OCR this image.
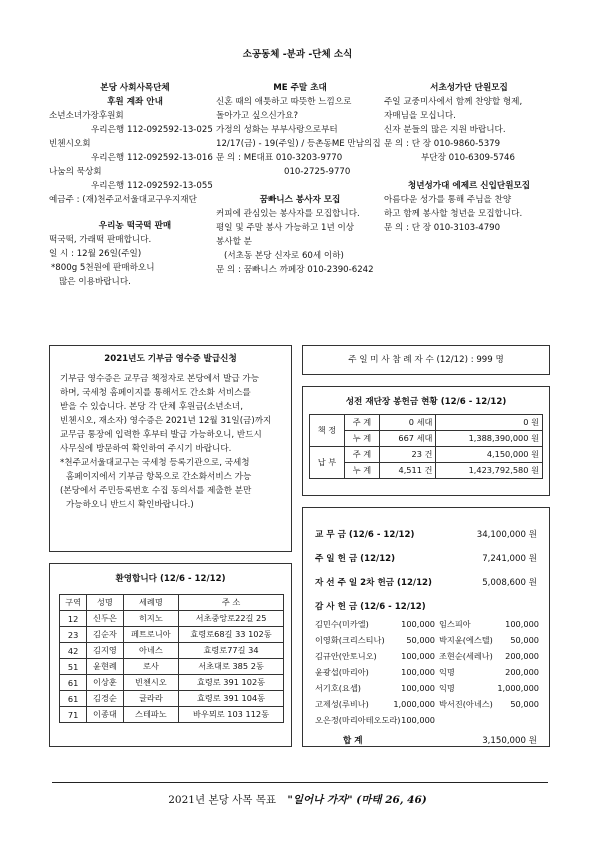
소공동체 -분과 -단체 소식
본당 사회사목단체
후원 계좌 안내
소년소녀가장후원회
우리은행 112-092592-13-025
빈첸시오회
우리은행 112-092592-13-016
나눔의 묵상회
우리은행 112-092592-13-055
예금주 : (재)천주교서울대교구우지재단
우리농 떡국떡 판매
떡국떡, 가래떡 판매합니다.
일 시 : 12월 26일(주일)
*800g 5천원에 판매하오니
많은 이용바랍니다.
ME 주말 초대
신혼 때의 애틋하고 따뜻한 느낌으로
돌아가고 싶으신가요?
가정의 성화는 부부사랑으로부터
12/17(금) - 19(주일) / 등촌동ME 만남의집
문 의 : ME대표 010-3203-9770
010-2725-9770
꿈빠니스 봉사자 모집
커피에 관심있는 봉사자를 모집합니다.
평일 및 주말 봉사 가능하고 1년 이상
봉사할 분
(서초동 본당 신자로 60세 이하)
문 의 : 꿈빠니스 까페장 010-2390-6242
서초성가단 단원모집
주일 교중미사에서 함께 찬양할 형제,
자매님을 모십니다.
신자 분들의 많은 지원 바랍니다.
문 의 : 단 장 010-9860-5379
부단장 010-6309-5746
청년성가대 에제르 신입단원모집
아름다운 성가를 통해 주님을 찬양
하고 함께 봉사할 청년을 모집합니다.
문 의 : 단 장 010-3103-4790
2021년도 기부금 영수증 발급신청
기부금 영수증은 교무금 책정자로 본당에서 발급 가능
하며, 국세청 홈페이지를 통해서도 간소화 서비스를
받을 수 있습니다. 본당 각 단체 후원금(소년소녀,
빈첸시오, 재소자) 영수증은 2021년 12월 31일(금)까지
교무금 통장에 입력한 후부터 발급 가능하오니, 반드시
사무실에 방문하여 확인하여 주시기 바랍니다.
*천주교서울대교구는 국세청 등록기관으로, 국세청
홈페이지에서 기부금 항목으로 간소화서비스 가능
(본당에서 주민등록번호 수집 동의서를 제출한 분만
가능하오니 반드시 확인바랍니다.)
환영합니다 (12/6 - 12/12)
구역	성명	세례명	주 소
12	신두은	히지노	서초중앙로22길 25
23	김순자	페트로니아	효령로68길 33 102동
42	김지영	아네스	효령로77길 34
51	윤현례	로사	서초대로 385 2동
61	이상훈	빈첸시오	효령로 391 102동
61	김경순	글라라	효령로 391 104동
71	이종대	스테파노	바우뫼로 103 112동
주 일 미 사 참 례 자 수 (12/12) : 999 명
성전 재단장 봉헌금 현황 (12/6 - 12/12)
책 정	주 계	0 세대	0 원
	누 계	667 세대	1,388,390,000 원
납 부	주 계	23 건	4,150,000 원
	누 계	4,511 건	1,423,792,580 원
교 무 금 (12/6 - 12/12)	34,100,000 원
주 일 헌 금 (12/12)	7,241,000 원
자 선 주 일 2차 헌금 (12/12)	5,008,600 원
감 사 헌 금 (12/6 - 12/12)
김민수(미카엘)	100,000 임스피아	100,000
이영화(크리스티나)	50,000 박지윤(에스텔) 50,000
김규안(안토니오)	100,000 조현순(세레나) 200,000
윤광섭(마리아)	100,000 익명	200,000
서기호(요셉)	100,000 익명	1,000,000
고제성(루비나)	1,000,000 박서진(아네스) 50,000
오은정(마리아테오도라) 100,000
합 계	3,150,000 원
2021년 본당 사목 목표 "일어나 가자" (마태 26, 46)
